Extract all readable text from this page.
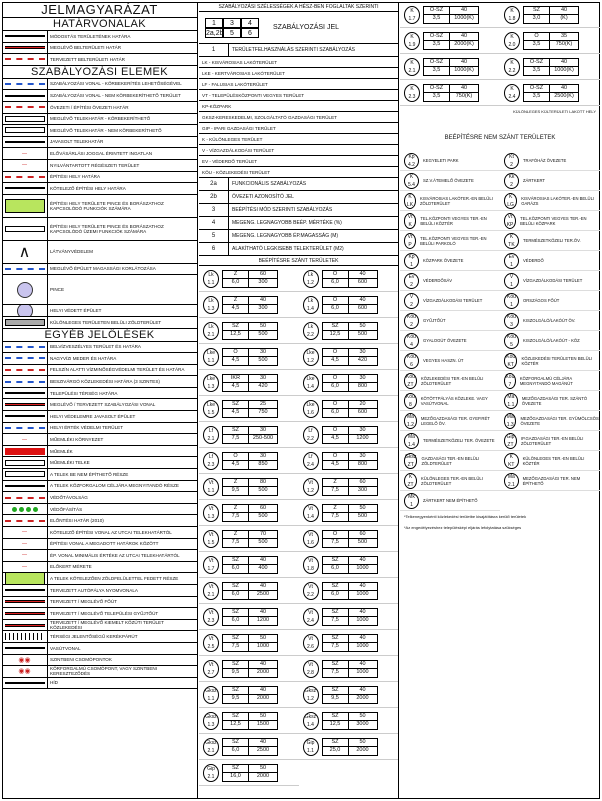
JELMAGYARÁZAT
HATÁRVONALAK
MÓDOSTÁS TERÜLETÉNEK HATÁRA
MEGLÉVŐ BELTERÜLETI HATÁR
TERVEZETT BELTERÜLETI HATÁR
SZABÁLYOZÁSI ELEMEK
SZABÁLYOZÁSI VONAL - KÖRBEKERÍTÉS LEHETŐSÉGÉVEL
SZABÁLYOZÁSI VONAL - NEM KÖRBEKERÍTHETŐ TERÜLET
ÖVEZETI / ÉPÍTÉSI ÖVEZETI HATÁR
MEGLÉVŐ TELEKHATÁR - KÖRBEKERÍTHETŐ
MEGLÉVŐ TELEKHATÁR - NEM KÖRBEKERÍTHETŐ
JAVASOLT TELEKHATÁR
—	ELŐVÁSÁRLÁSI JOGGAL ÉRINTETT INGATLAN
—	NYILVÁNTARTOTT RÉGÉSZETI TERÜLET
ÉPÍTÉSI HELY HATÁRA
KÖTELEZŐ ÉPÍTÉSI HELY HATÁRA
ÉPÍTÉSI HELY TERÜLETE PINCE ÉS BORÁSZATHOZ KAPCSOLÓDÓ FUNKCIÓK SZÁMÁRA
ÉPÍTÉSI HELY TERÜLETE PINCE ÉS BORÁSZATHOZ KAPCSOLÓDÓ ÜZEMI FUNKCIÓK SZÁMÁRA
∧	LÁTVÁNYVÉDELEM
MEGLÉVŐ ÉPÜLET MAGASSÁGI KORLÁTOZÁSA
PINCE
HELYI VÉDETT ÉPÜLET
KÜLÖNLEGES TERÜLETEN BELÜLI ZÖLDTERÜLET
EGYÉB JELÖLÉSEK
BELVÍZVESZÉLYES TERÜLET ÉS HATÁRA
NAGYVÍZI MEDER ÉS HATÁRA
FELSZÍN ALATTI VÍZMINŐSÉGVÉDELMI TERÜLET ÉS HATÁRA
BESZIVÁRGÓ KÖZLEKEDÉSI HATÁRA (3 SZINTES)
TELEPÜLÉSI TÉRSÉG HATÁRA
MEGLÉVŐ / TERVEZETT SZABÁLYOZÁSI VONAL
HELYI VÉDELEMRE JAVASOLT ÉPÜLET
HELYI ÉRTÉK VÉDELMI TERÜLET
—	MŰEMLÉKI KÖRNYEZET
MŰEMLÉK
MŰEMLÉKI TELKE
A TELEK BE NEM ÉPÍTHETŐ RÉSZE
A TELEK KÖZFORGALOM CÉLJÁRA MEGNYITANDÓ RÉSZE
VÉDŐTÁVOLSÁG
VÉDŐFÁSÍTÁS
ELŐNTÉSI HATÁR (2010)
—	KÖTELEZŐ ÉPÍTÉSI VONAL AZ UTCAI TELEKHATÁRTÓL
—	ÉPÍTÉSI VONAL A MEGADOTT HATÁROK KÖZÖTT
—	ÉP. VONAL MINIMÁLIS ÉRTÉKE AZ UTCAI TELEKHATÁRTÓL
—	ELŐKERT MÉRETE
A TELEK KÖTELEZŐEN ZÖLDFELÜLETTEL FEDETT RÉSZE
TERVEZETT AUTÓPÁLYA NYOMVONALA
TERVEZETT / MEGLÉVŐ FŐÚT
TERVEZETT / MEGLÉVŐ TELEPÜLÉSI GYŰJTŐÚT
TERVEZETT / MEGLÉVŐ KIEMELT KÖZÚTI TERÜLET KÖZLEKEDÉSI
TÉRSÉGI JELENTŐSÉGŰ KERÉKPÁRÚT
VASÚTVONAL
◉◉	SZINTBENI CSOMÓPONTOK
◉◉	KÖRFORGALMÚ CSOMÓPONT, VAGY SZINTBENI KERESZTEZŐDÉS
HÍD
SZABÁLYOZÁSI SZÉLESSÉGEK A HÉSZ-BEN FOGLALTAK SZERINTI
1	3	4
2a,2b 5	6
SZABÁLYOZÁSI JEL
1	TERÜLETFELHASZNÁLÁS SZERINTI SZABÁLYOZÁS
LK - KISVÁROSIAS LAKÓTERÜLET
LKE - KERTVÁROSIAS LAKÓTERÜLET
LF - FALUSIAS LAKÓTERÜLET
VT - TELEPÜLÉSKÖZPONTI VEGYES TERÜLET
KP-KÖZPARK
GKSZ-KERESKEDELMI, SZOLGÁLTATÓ GAZDASÁGI TERÜLET
GIP - IPARI GAZDASÁGI TERÜLET
K - KÜLÖNLEGES TERÜLET
V - VÍZGAZDÁLKODÁSI TERÜLET
EV - VÉDERDŐ TERÜLET
KÖU - KÖZLEKEDÉSI TERÜLET
2a	FUNKCIONÁLIS SZABÁLYOZÁS
2b	ÖVEZETI AZONOSÍTÓ JEL
3	BEÉPÍTÉSI MÓD SZERINTI SZABÁLYOZÁS
4	MEGENG. LEGNAGYOBB BEÉP. MÉRTÉKE (%)
5	MEGENG. LEGNAGYOBB ÉP.MAGASSÁG (M)
6	ALAKÍTHATÓ LEGKISEBB TELEKTERÜLET (M2)
BEÉPÍTÉSRE SZÁNT TERÜLETEK
Lk
1.1
Z	60
6,0	300
Lk
1.2
O	40
6,0	600
Lk
1.3
Z	40
4,5	300
Lk
1.4
O	40
6,0	600
Lk
2.1
SZ	50
12,5	500
Lk
2.2
SZ	50
12,5	500
Lke
1.1
O	30
4,5	500
Lke
1.2
O	30
4,5	420
Lke
1.3
IKR	30
4,5	420
Lke
1.4
O	30
6,0	800
Lke
1.5
SZ	25
4,5	750
Lke
1.6
O	20
6,0	600
Lf
2.1
SZ	30
7,5	250-500
Lf
2.2
O	30
4,5	1200
Lf
2.3
O	30
4,5	850
Lf
2.4
O	30
4,5	800
Vt
1.1
Z	80
9,5	500
Vt
1.2
Z	60
7,5	300
Vt
1.3
Z	60
7,5	500
Vt
1.4
Z	50
7,5	500
Vt
1.5
Z	70
7,5	500
Vt
1.6
O	60
7,5	500
Vt
1.7
SZ	40
6,0	400
Vt
1.8
SZ	40
6,0	1000
Vt
2.1
SZ	40
6,0	2500
Vt
2.2
SZ	40
6,0	1000
Vt
2.3
SZ	40
6,0	1200
Vt
2.4
SZ	40
7,5	1000
Vt
2.5
SZ	50
7,5	1000
Vt
2.6
SZ	40
7,5	1000
Vt
2.7
SZ	40
9,5	2000
Vt
2.8
SZ	40
7,5	1000
Gksz
1.1
SZ	40
9,5	2000
Gksz
1.2
SZ	40
9,5	2000
Gksz
1.3
SZ	50
12,5	1500
Gksz
1.4
SZ	50
12,5	3000
Gksz
2.1
SZ	40
6,0	2500
Gip
1.1
SZ	50
25,0	2000
Gip
2.1
SZ	50
16,0	2000
K
1.7
O-SZ	40
3,5	1000(K)
K
1.8
SZ	40
3,0	(K)
K
1.9
O-SZ	40
3,5	2000(K)
K
2.0
O	35
3,5	750(K)
K
2.1
O-SZ	40
3,5	1000(K)
K
2.2
O-SZ	40
3,5	1000(K)
K
2.3
O-SZ	40
3,5	750(K)
K
2.4
O-SZ	40
3,5	2500(K)
KÜLÖNLEGES KÜLTERÜLETI LAKOTT HELY
BEÉPÍTÉSRE NEM SZÁNT TERÜLETEK
Kp
4.2
KEGYELETI PARK
Kt
2
TRAFÓHÁZ ÖVEZETE
K
5.4
SZ.V.ÁTEMELŐ ÖVEZETE
Kk
2
ZÁRTKERT
K
LK
KISVÁROSIAS LAKÓTER.-EN BELÜLI ZÖLDTERÜLET
K
LG
KISVÁROSIAS LAKÓTER.-EN BELÜLI GARÁZS
Vt
K
TEL.KÖZPONTI VEGYES TER.-EN BELÜLI KÖZTÉR
Vt
KP
TEL.KÖZPONTI VEGYES TER.-EN BELÜLI KÖZPARK
Vt
P
TEL.KÖZPONTI VEGYES TER.-EN BELÜLI PARKOLÓ
K
TK
TERMÉSZETKÖZELI TER.ÖV.
Kp
1
KÖZPARK ÖVEZETE
Ev
1
VÉDERDŐ
Ev
2
VÉDERDŐSÁV
V
1
VÍZGAZDÁLKODÁSI TERÜLET
V
2
VÍZGAZDÁLKODÁSI TERÜLET
Köu
1
ORSZÁGOS FŐÚT
Köu
2
GYŰJTŐÚT
Köu
3
KISZOLGÁLÓ/LAKÓÚT ÖV.
Köu
4
GYALOGÚT ÖVEZETE
Köu
5
KISZOLGÁLÓ/LAKÓÚT - KÖZ
Köu
6
VEGYES HASZN. ÚT
Köu
KT
KÖZLEKEDÉSI TERÜLETEN BELÜLI KÖZTÉR
Köu
ZT
KÖZLEKEDÉSI TER.-EN BELÜLI ZÖLDTERÜLET
Köu
7
KÖZFORGALMÚ CÉLJÁRA MEGNYITANDÓ MAGÁNÚT
Köu
8
KÖTÖTTPÁLYÁS KÖZLEKE. VAGY VASÚTVONAL
Má
1.1
MEZŐGAZDASÁGI TER. SZÁNTÓ ÖVEZETE
Má
1.2
MEZŐGAZDASÁGI TER. GYEP.RÉT LEGELŐ ÖV.
Má
1.3
MEZŐGAZDASÁGI TER. GYÜMÖLCSÖS ÖVEZETE
Má
1.4
TERMÉSZETKÖZELI TER. ÖVEZETE
Gip
ZT
IP.GAZDASÁGI TER.-EN BELÜLI ZÖLDTERÜLET
Gksz
ZT
GAZDASÁGI TER.-EN BELÜLI ZÖLDTERÜLET
K
KT
KÜLÖNLEGES TER.-EN BELÜLI KÖZTÉR
K
ZT
KÜLÖNLEGES TER.-EN BELÜLI ZÖLDTERÜLET
Má
2.1
MEZŐGAZDASÁGI TER. NEM ÉPÍTHETŐ
Mk
1
ZÁRTKERT NEM ÉPÍTHETŐ
*Telkenegyenkénti közlekedési területbe kisajátításra kerülő területek
*Az engedélyezéshez településképi eljárás lefolytatása szükséges
